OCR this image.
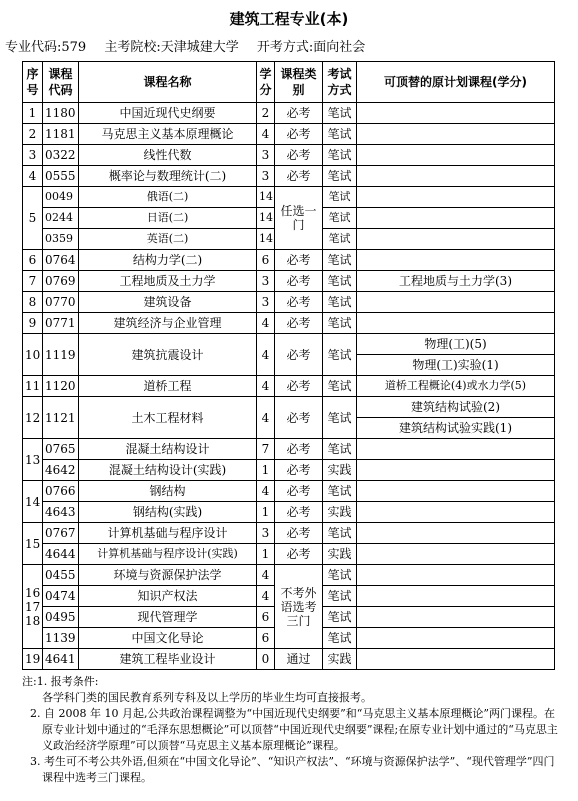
建筑工程专业(本)
专业代码:579 主考院校:天津城建大学 开考方式:面向社会
序号	课程代码	课程名称	学分	课程类别	考试方式	可顶替的原计划课程(学分)
1	1180	中国近现代史纲要	2	必考	笔试	
2	1181	马克思主义基本原理概论	4	必考	笔试	
3	0322	线性代数	3	必考	笔试	
4	0555	概率论与数理统计(二)	3	必考	笔试	
5	0049	俄语(二)	14	任选一门	笔试	
	0244	日语(二)	14		笔试	
	0359	英语(二)	14		笔试	
6	0764	结构力学(二)	6	必考	笔试	
7	0769	工程地质及土力学	3	必考	笔试	工程地质与土力学(3)
8	0770	建筑设备	3	必考	笔试	
9	0771	建筑经济与企业管理	4	必考	笔试	
10	1119	建筑抗震设计	4	必考	笔试	物理(工)(5)
						物理(工)实验(1)
11	1120	道桥工程	4	必考	笔试	道桥工程概论(4)或水力学(5)
12	1121	土木工程材料	4	必考	笔试	建筑结构试验(2)
						建筑结构试验实践(1)
13	0765	混凝土结构设计	7	必考	笔试	
	4642	混凝土结构设计(实践)	1	必考	实践	
14	0766	钢结构	4	必考	笔试	
	4643	钢结构(实践)	1	必考	实践	
15	0767	计算机基础与程序设计	3	必考	笔试	
	4644	计算机基础与程序设计(实践)	1	必考	实践	
16 17 18	0455	环境与资源保护法学	4	不考外语选考三门	笔试	
	0474	知识产权法	4		笔试	
	0495	现代管理学	6		笔试	
	1139	中国文化导论	6		笔试	
19	4641	建筑工程毕业设计	0	通过	实践	
注:1. 报考条件:
各学科门类的国民教育系列专科及以上学历的毕业生均可直接报考。
2. 自 2008 年 10 月起,公共政治课程调整为“中国近现代史纲要”和“马克思主义基本原理概论”两门课程。在原专业计划中通过的“毛泽东思想概论”可以顶替“中国近现代史纲要”课程;在原专业计划中通过的“马克思主义政治经济学原理”可以顶替“马克思主义基本原理概论”课程。
3. 考生可不考公共外语,但须在“中国文化导论”、“知识产权法”、“环境与资源保护法学”、“现代管理学”四门课程中选考三门课程。
